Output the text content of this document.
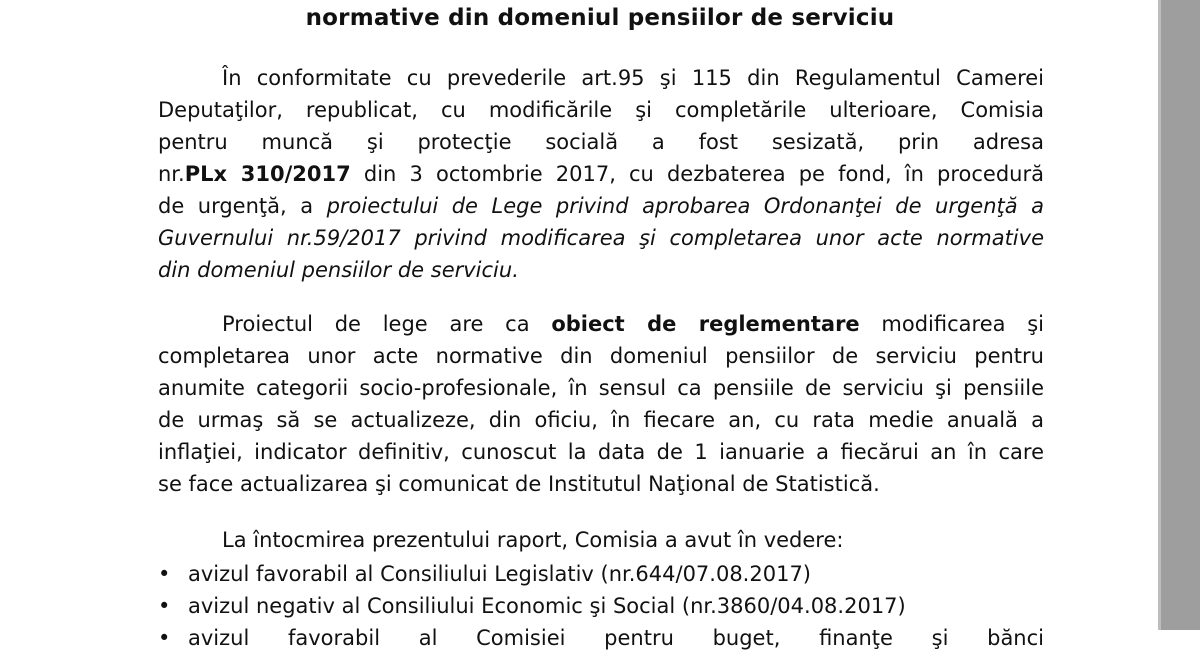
normative din domeniul pensiilor de serviciu
În conformitate cu prevederile art.95 şi 115 din Regulamentul Camerei
Deputaţilor, republicat, cu modificările şi completările ulterioare, Comisia
pentru muncă şi protecţie socială a fost sesizată, prin adresa
nr.PLx 310/2017 din 3 octombrie 2017, cu dezbaterea pe fond, în procedură
de urgenţă, a proiectului de Lege privind aprobarea Ordonanţei de urgenţă a
Guvernului nr.59/2017 privind modificarea şi completarea unor acte normative
din domeniul pensiilor de serviciu.
Proiectul de lege are ca obiect de reglementare modificarea şi
completarea unor acte normative din domeniul pensiilor de serviciu pentru
anumite categorii socio-profesionale, în sensul ca pensiile de serviciu şi pensiile
de urmaş să se actualizeze, din oficiu, în fiecare an, cu rata medie anuală a
inflaţiei, indicator definitiv, cunoscut la data de 1 ianuarie a fiecărui an în care
se face actualizarea şi comunicat de Institutul Naţional de Statistică.
La întocmirea prezentului raport, Comisia a avut în vedere:
• avizul favorabil al Consiliului Legislativ (nr.644/07.08.2017)
• avizul negativ al Consiliului Economic şi Social (nr.3860/04.08.2017)
• avizul favorabil al Comisiei pentru buget, finanţe şi bănci
